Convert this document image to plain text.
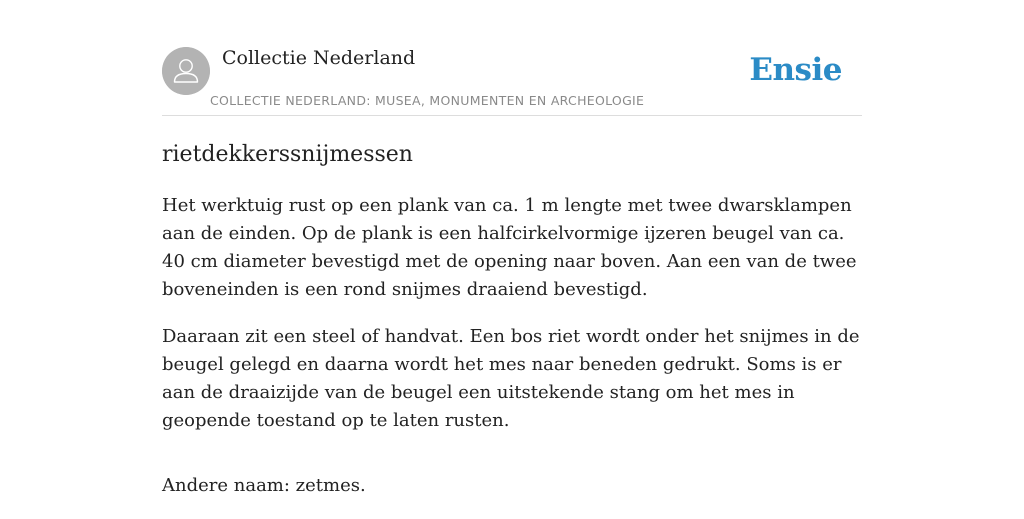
Collectie Nederland
COLLECTIE NEDERLAND: MUSEA, MONUMENTEN EN ARCHEOLOGIE
Ensie
rietdekkerssnijmessen

Het werktuig rust op een plank van ca. 1 m lengte met twee dwarsklampen aan de einden. Op de plank is een halfcirkelvormige ijzeren beugel van ca. 40 cm diameter bevestigd met de opening naar boven. Aan een van de twee boveneinden is een rond snijmes draaiend bevestigd.

Daaraan zit een steel of handvat. Een bos riet wordt onder het snijmes in de beugel gelegd en daarna wordt het mes naar beneden gedrukt. Soms is er aan de draaizijde van de beugel een uitstekende stang om het mes in geopende toestand op te laten rusten.

Andere naam: zetmes.
